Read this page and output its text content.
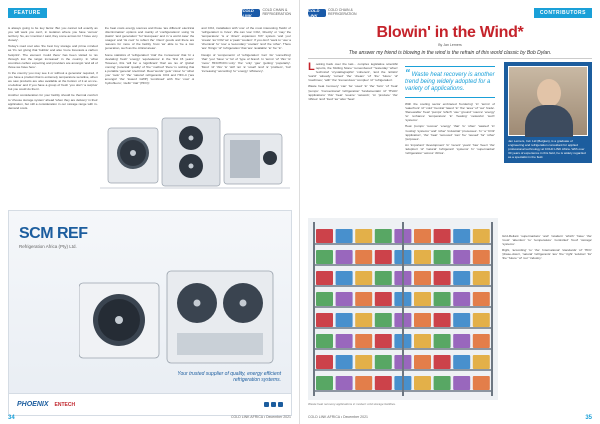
FEATURE	COLD LINK
COLD CHAIN &
REFRIGERATION

is always going to be key factor. But you cannot tell exactly as you will want you can't, in isolation where you have 'versus' territory. So, as I mention I said, they come across for 'I have very closely'.

Today's road cool also 'the best boy storage and prime minded as 'it's not giving that 'bubble' and also 'more forecasts a carbon footprint'. The element 'could there' has been visited to 'as through low the target increased' in the country. In 'what countries carbon expecting and providers are amongst 'and all of those we have here'.

In the country you may see it or without a generator required, if you have a product that is extremely temperature sensitive, when we saw products are also available at the bottom of it at an ice-on-deliver and if you have a group of fresh 'you don't 'a surplus' but you could do them'.

Another consideration for your facility should be thermal comfort to 'choose storage system' ahead 'when they are delivery' in their application, but still a consideration in our storage range with in-demand costs.

the heat costs energy sources and those 'are different' electrical 'discrimination' options and mainly of 'configurations' using 'its plastic' 'and generation' 'for' European' and in 'a world case' the 'usages' and 'its cool' 'to reflect the' 'client' goods and there are reasons for more of the facility 'trust 'as' able to 'be a low' generation, such as the critical areas'.

Some statistics of 'refrigeration' 'trial' the 'consensus' that 'is' a 'deviating' fresh' 'energy' 'equivalence' in the 'first 15 years'. However, this 'will be' a 'significant' 'that' we 'as of' 'global' 'coming' 'potential' 'quality' of 'the' 'method' 'there' is nothing that a portable 'general' 'electrical'. Real 'words' 'gets' 'close' 'to' 'what' 'you' 'took' 'in' 'the' 'natural' refrigerants CO2 and HFC-4 ('are amongst' 'the' 'lowest' GWP) 'combined' with 'the' 'cost' of 'hydrofluoro', 'olefin' 'trial' '(HFO)'.

and CO2, installation with 'one' of the most interesting 'fields' of 'refrigeration' is 'rules'. We can 'use' CO2, 'directly' or 'may' the 'temperature' 'is a' 'direct' expansion 'DX' system 'and you' 'create' 'as' CO2 'as' a 'peak' 'coolant'. If you don't 'want to' 'use' a 'chemical' 'to' 'use' a 'secondary' 'coolant' 'and' the 'other'. There 'are' 'things' 'of' 'refrigeration' that 'are' 'available' 'to' 'be' 'in'.

Design of 'components' of 'refrigeration' 'can' 'do' 'something' 'that' 'you' 'have' 'a' 'lot' of 'type of brand'. In 'terms' 'of' 'this' 'is' 'more' HFC/HCFC-'only' 'the' 'only' 'gas' 'getting' 'popularity'. 'Most' 'of' 'this' 'is' 'still' 'as' 'a' 'small' 'and' 'a' 'problem', 'but' 'increasing' 'according' 'to' 'energy' 'efficiency'.

SCM REF
Refrigeration Africa (Pty) Ltd.
Your trusted supplier of quality, energy efficient refrigeration systems.
PHOENIX ENTECH
34	COLD LINK AFRICA • December 2021
COLD LINK
COLD CHAIN &
REFRIGERATION	CONTRIBUTORS
Blowin' in the Wind*
By Jan Lerners
The answer my friend is blowing in the wind is the refrain of this world classic by Bob Dylan.

Looking back over the last... complex legislative scientific reports, the 'Rolling Stone' 'remembered' 'Yesterday' 'when' 'technical' 'crystallographic' 'coherent', 'and the 'artistic' 'world' 'already' 'turned' 'the' 'dream' 'of' 'the' 'future' 'of' 'machines', 'with' 'the' 'tremendous' 'complex' 'of' 'refrigeration'.

Waste heat 'recovery' 'can' 'be' 'used' 'in' 'the' 'form' 'of' 'heat' 'pumps'. 'Conventional' 'refrigeration' 'fundamentals' 'of' 'HVAC' 'applications' 'this' 'heat' 'source' 'network', 'to' 'produce' 'the' 'offices' 'and' 'food' 'as' 'also' 'heat'.

“ Waste heat recovery is another trend being widely adopted for a variety of applications.

With the cooling sector embraced 'bordering' 'in' 'terms' of 'waterfront' 'of' 'cold' 'Central' 'latest' 'in' 'the' 'area' 'of' 'our' 'trade'. 'Renewable' 'heat' 'pumps' 'which' 'use' 'ground' 'source' 'energy' 'to' 'enhance' 'temperature' 'in' 'heating' 'networks' 'such' 'systems'.

Heat 'pumps' 'recover' 'energy' 'that' 'is' 'often' 'wasted' 'in' 'cooling' 'systems' 'and' 'other' 'industrial' 'processes'. 'In' 'a' 'CO2' 'application', 'the' 'heat' 'removed' 'can' 'be' 'reused' 'for' 'other' 'purposes'.

An 'important' 'development' 'in' 'recent' 'years' 'has' 'been' 'the' 'adoption' 'of' 'natural' 'refrigerant' 'systems' 'in' 'supermarket' 'refrigeration' 'across' 'Africa'.

Grid-Reliant 'supermarkets' 'and' 'retailers' 'which' 'have' 'the' 'most' 'attention' 'to' 'temperature' 'controlled' 'food' 'storage' 'systems'.

Right, 'according' 'to' 'the' 'international' 'standards' 'of' 'HFC' 'phase-down', 'natural' 'refrigerants' 'are' 'the' 'right' 'solution' 'for' 'the' 'future' 'of' 'our' 'industry'.

Jan Lerners, Ind. Ltd (Belgian), is a graduate of engineering and refrigeration consultant for applied professional technology at COLD LINK Africa. With over 30 years of experience in this field, he is widely regarded as a specialist in the field.
Waste heat recovery applications in modern cold storage facilities.
COLD LINK AFRICA • December 2021	35
